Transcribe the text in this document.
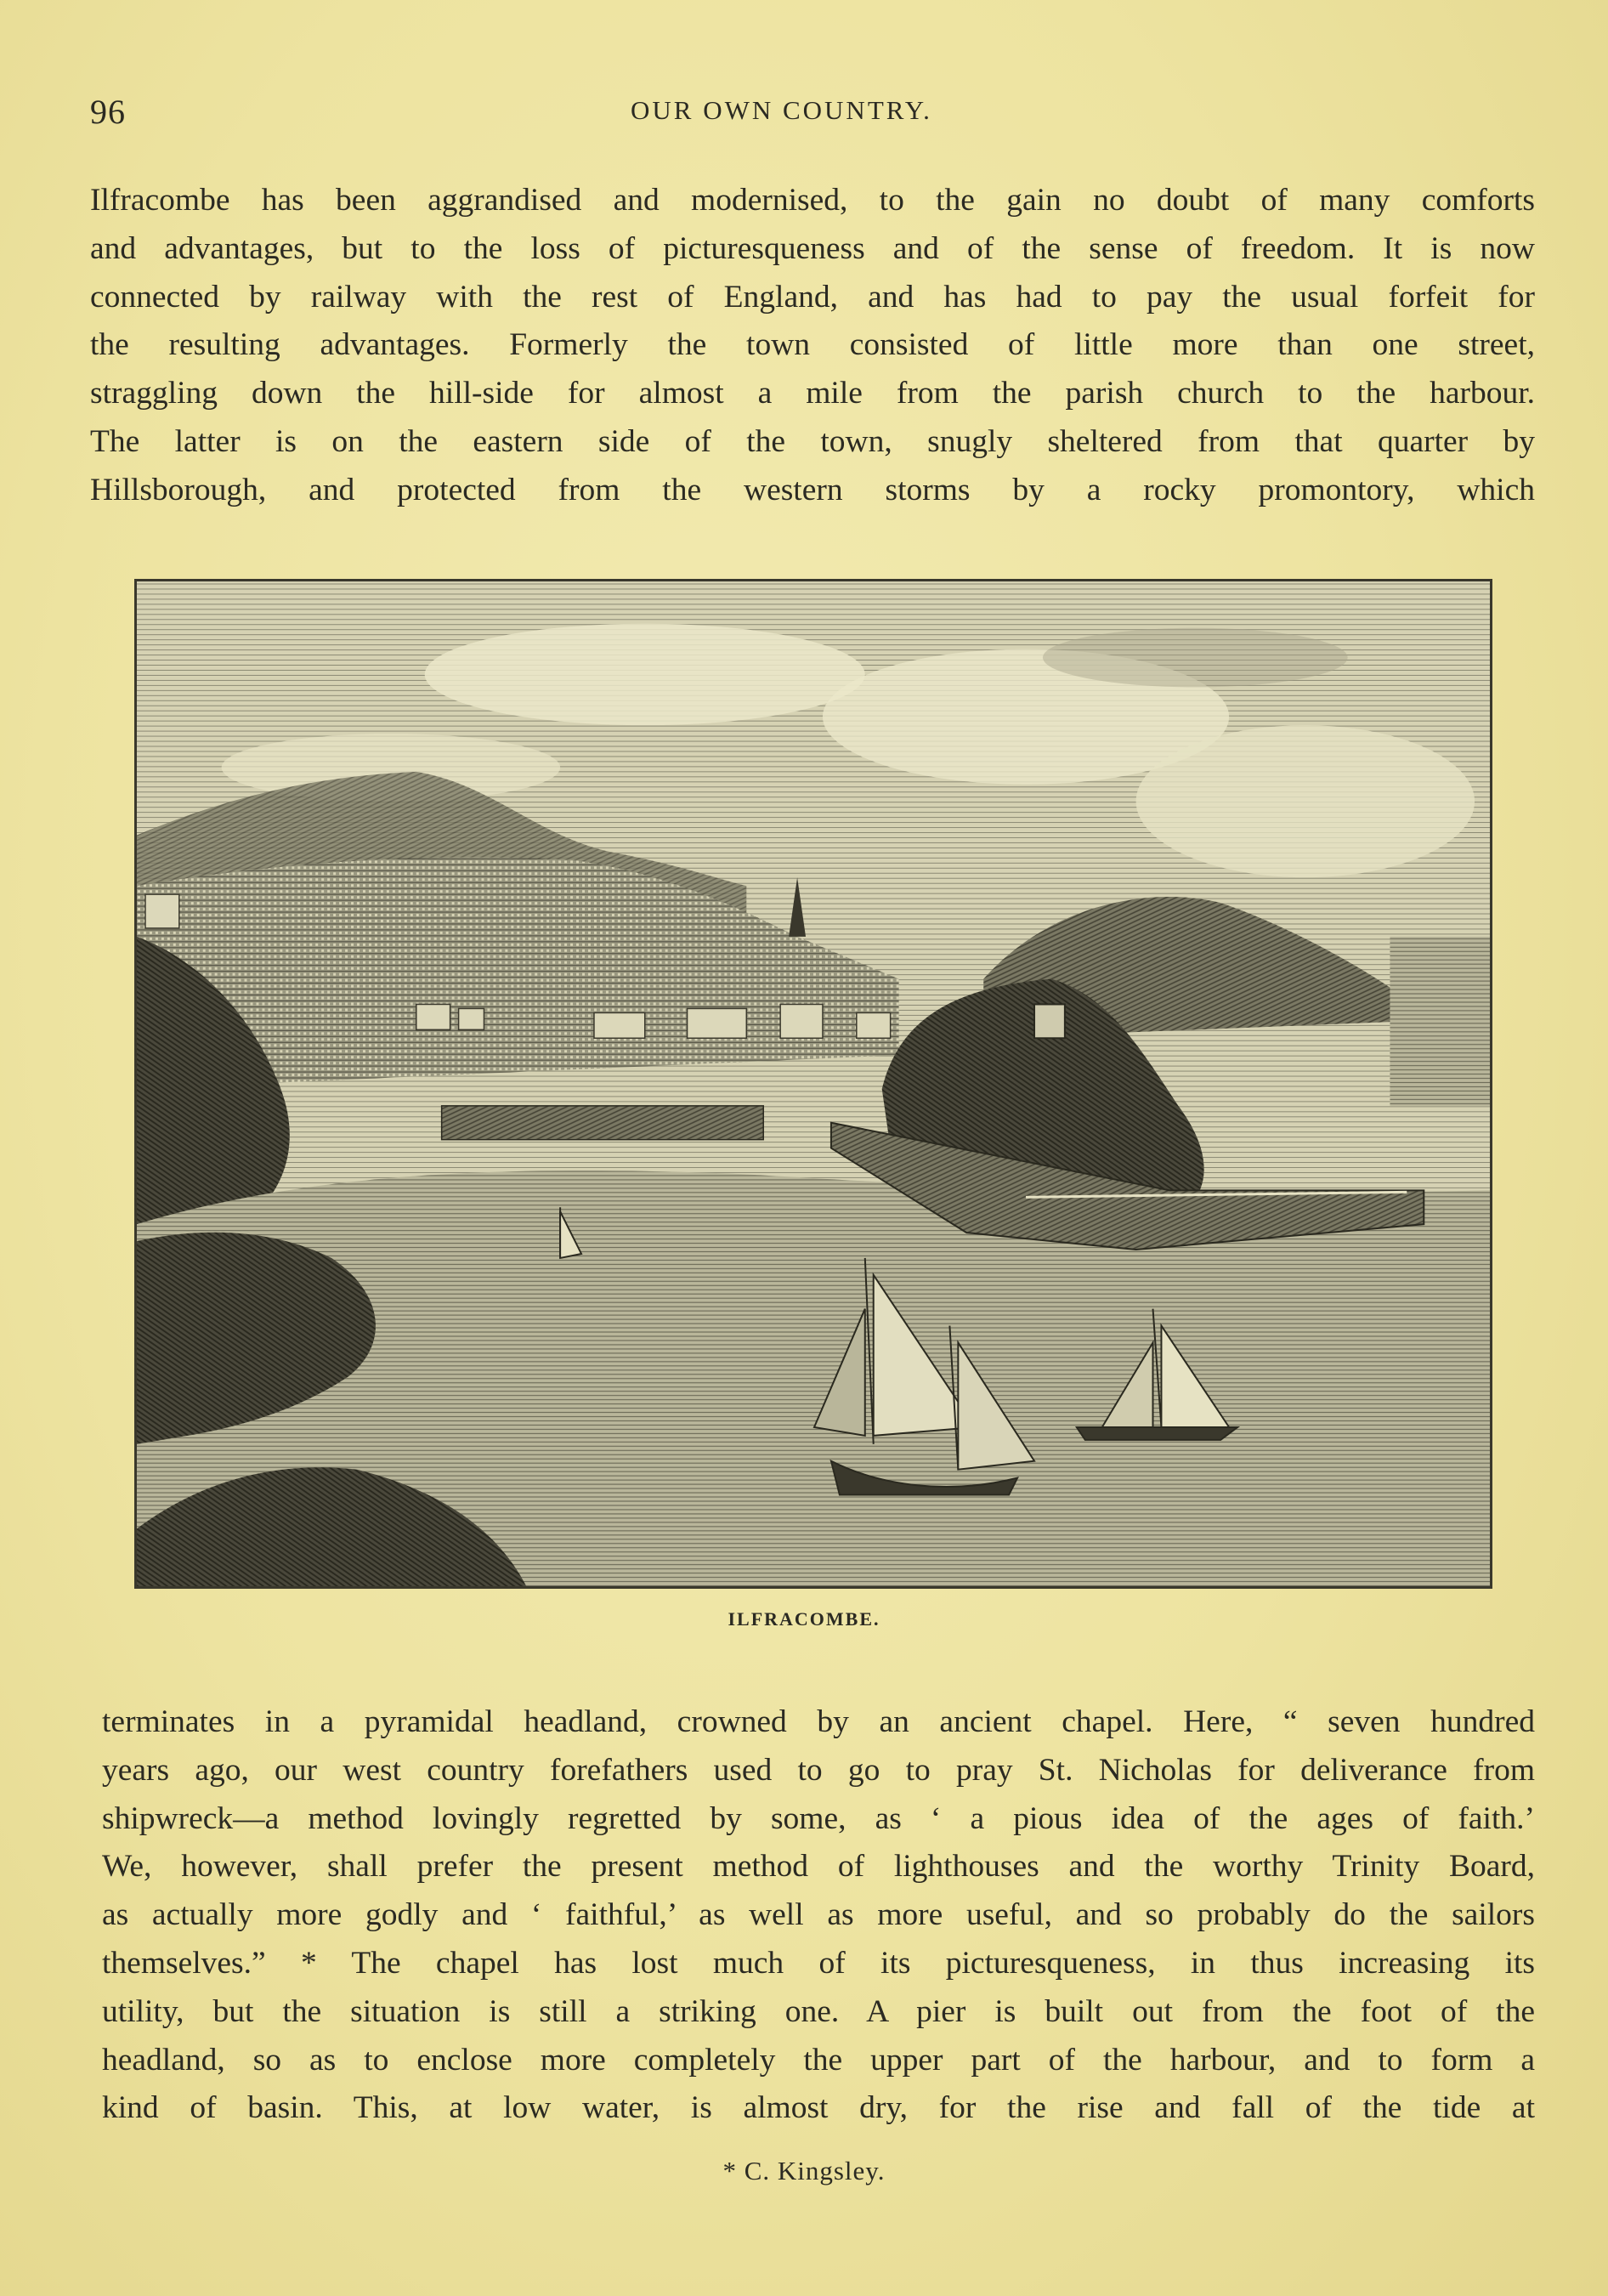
96	OUR OWN COUNTRY.
Ilfracombe has been aggrandised and modernised, to the gain no doubt of many comforts
and advantages, but to the loss of picturesqueness and of the sense of freedom. It is now
connected by railway with the rest of England, and has had to pay the usual forfeit for
the resulting advantages. Formerly the town consisted of little more than one street,
straggling down the hill-side for almost a mile from the parish church to the harbour.
The latter is on the eastern side of the town, snugly sheltered from that quarter by
Hillsborough, and protected from the western storms by a rocky promontory, which
ILFRACOMBE.
terminates in a pyramidal headland, crowned by an ancient chapel. Here, “ seven hundred
years ago, our west country forefathers used to go to pray St. Nicholas for deliverance from
shipwreck—a method lovingly regretted by some, as ‘ a pious idea of the ages of faith.’
We, however, shall prefer the present method of lighthouses and the worthy Trinity Board,
as actually more godly and ‘ faithful,’ as well as more useful, and so probably do the sailors
themselves.” * The chapel has lost much of its picturesqueness, in thus increasing its
utility, but the situation is still a striking one. A pier is built out from the foot of the
headland, so as to enclose more completely the upper part of the harbour, and to form a
kind of basin. This, at low water, is almost dry, for the rise and fall of the tide at
* C. Kingsley.
